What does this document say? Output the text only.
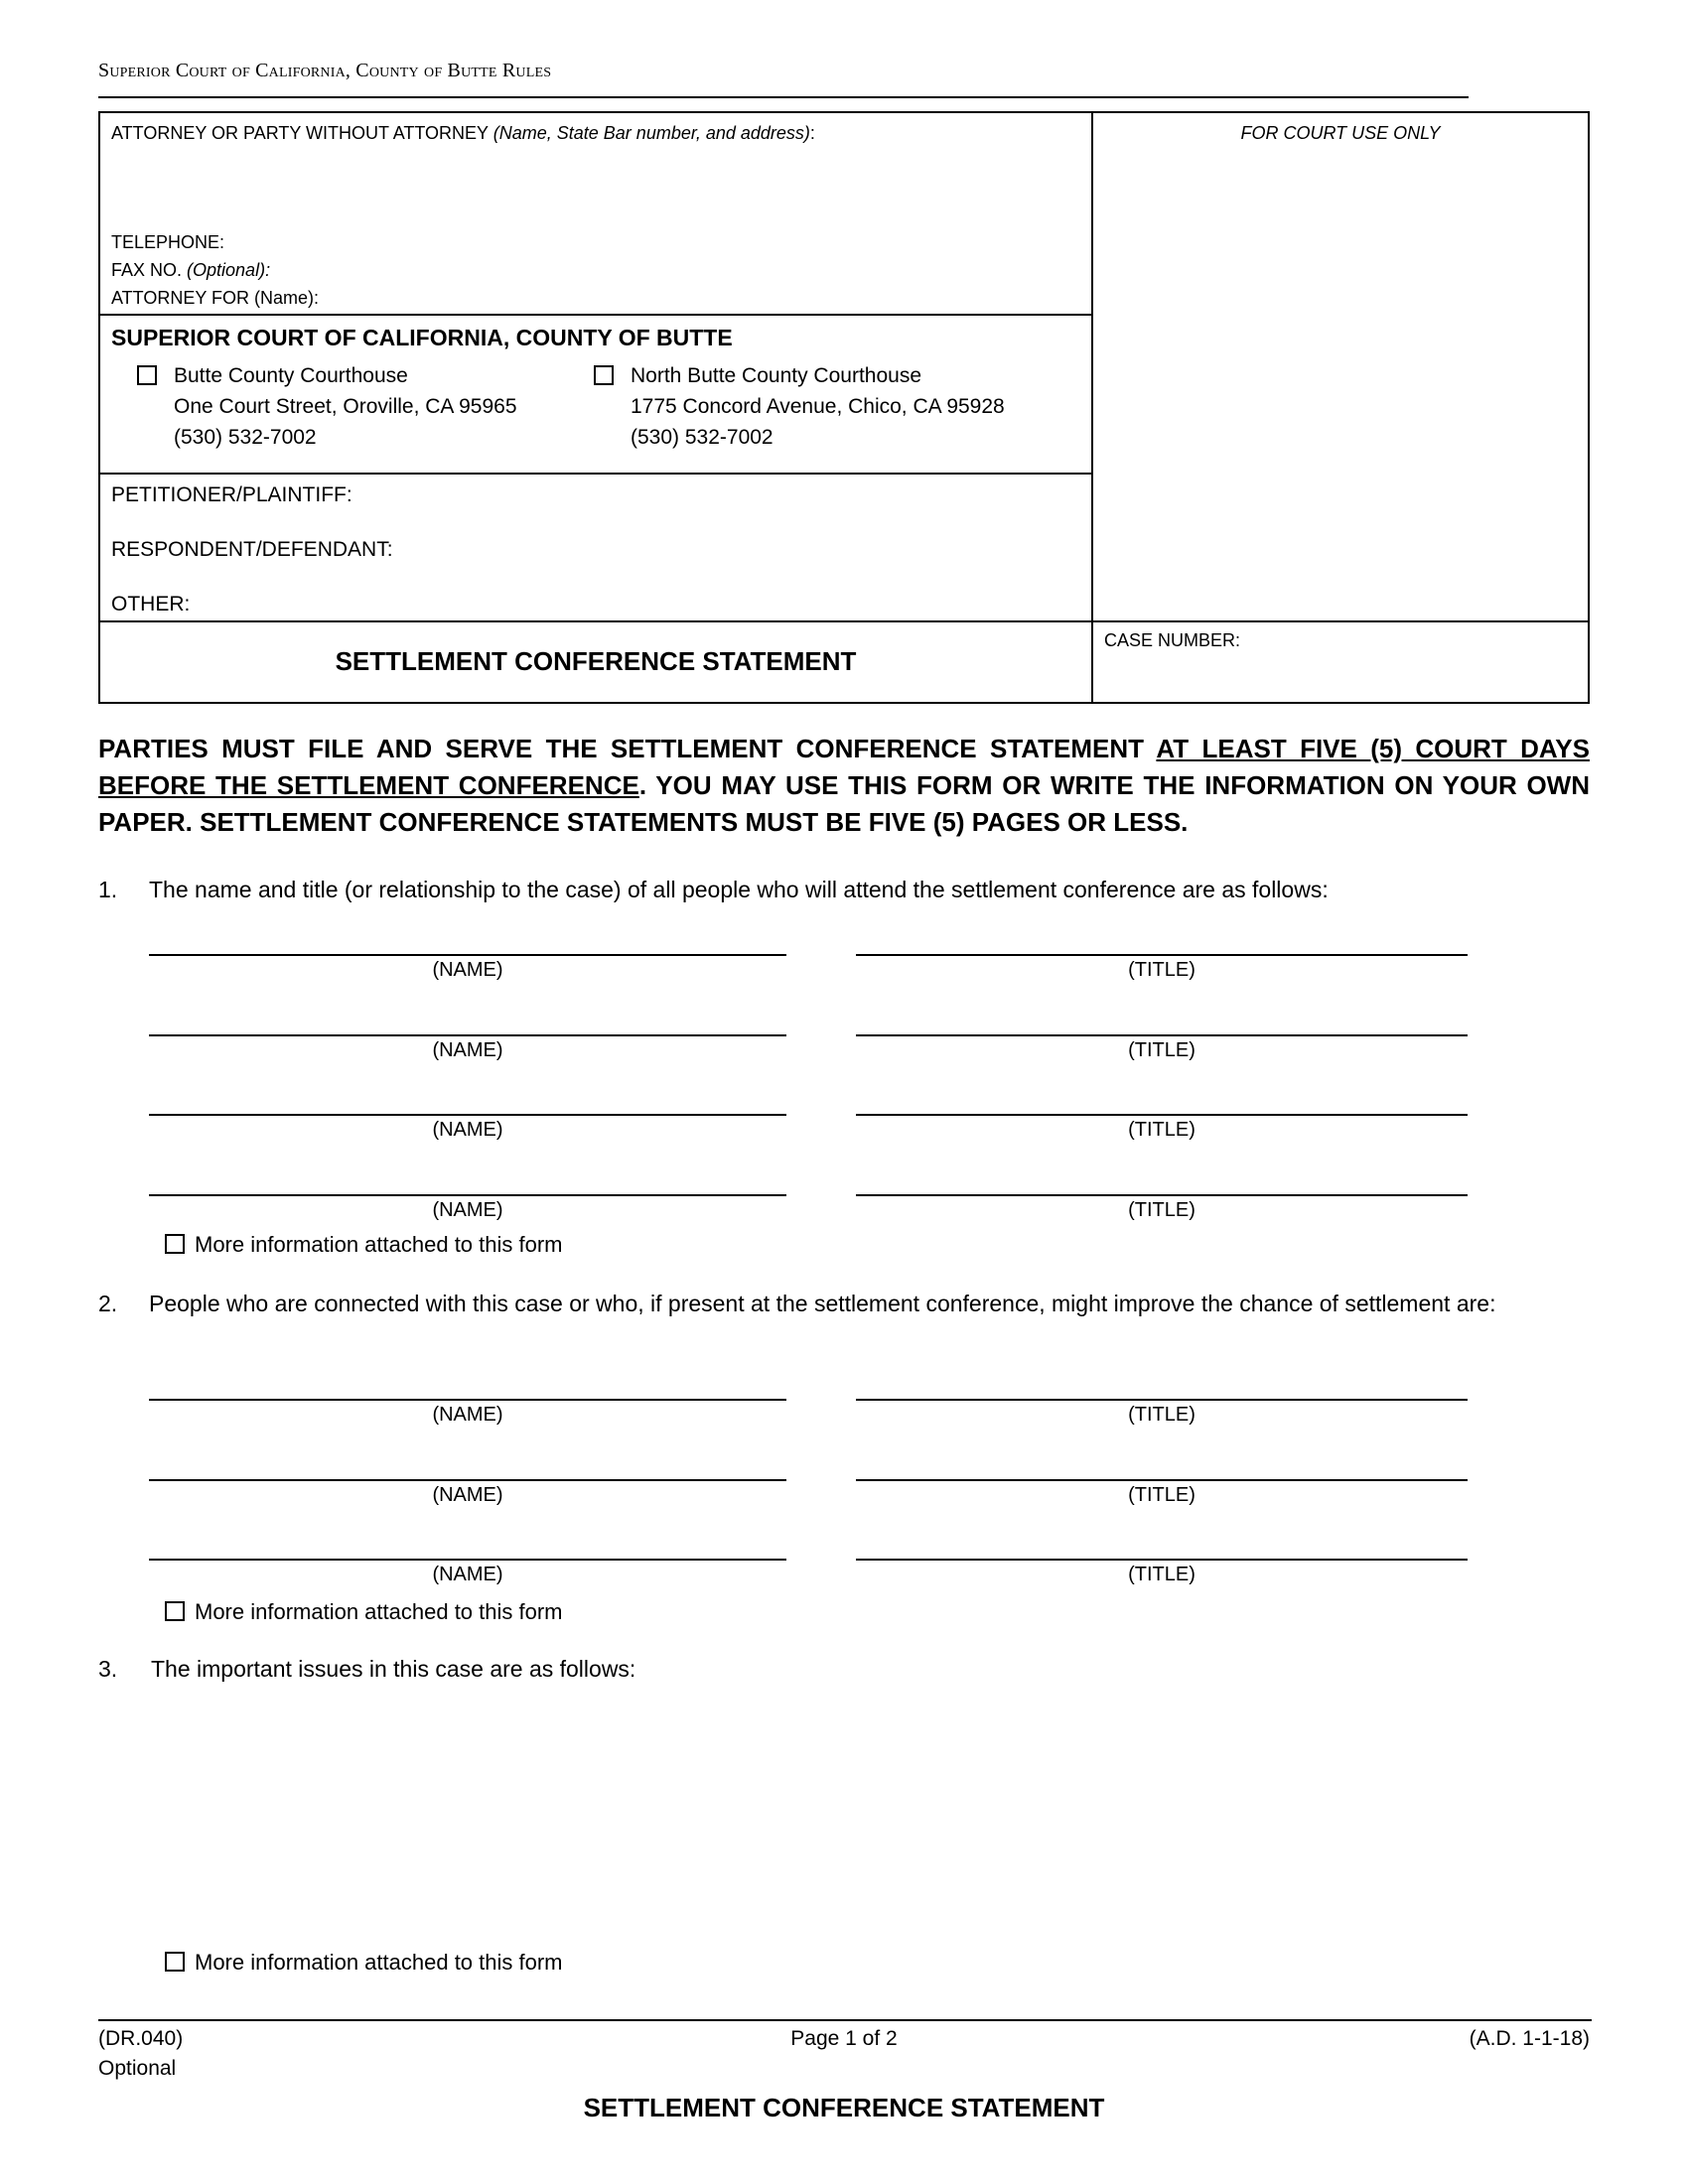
Superior Court of California, County of Butte Rules
ATTORNEY OR PARTY WITHOUT ATTORNEY (Name, State Bar number, and address):
TELEPHONE:
FAX NO. (Optional):
ATTORNEY FOR (Name):
FOR COURT USE ONLY
SUPERIOR COURT OF CALIFORNIA, COUNTY OF BUTTE
Butte County Courthouse
One Court Street, Oroville, CA 95965
(530) 532-7002
North Butte County Courthouse
1775 Concord Avenue, Chico, CA 95928
(530) 532-7002
PETITIONER/PLAINTIFF:
RESPONDENT/DEFENDANT:
OTHER:
SETTLEMENT CONFERENCE STATEMENT
CASE NUMBER:
PARTIES MUST FILE AND SERVE THE SETTLEMENT CONFERENCE STATEMENT AT LEAST FIVE (5) COURT DAYS BEFORE THE SETTLEMENT CONFERENCE. YOU MAY USE THIS FORM OR WRITE THE INFORMATION ON YOUR OWN PAPER. SETTLEMENT CONFERENCE STATEMENTS MUST BE FIVE (5) PAGES OR LESS.
1. The name and title (or relationship to the case) of all people who will attend the settlement conference are as follows:
(NAME)	(TITLE)
(NAME)	(TITLE)
(NAME)	(TITLE)
(NAME)	(TITLE)
More information attached to this form
2. People who are connected with this case or who, if present at the settlement conference, might improve the chance of settlement are:
(NAME)	(TITLE)
(NAME)	(TITLE)
(NAME)	(TITLE)
More information attached to this form
3. The important issues in this case are as follows:
More information attached to this form
(DR.040)
Optional
Page 1 of 2	(A.D. 1-1-18)
SETTLEMENT CONFERENCE STATEMENT
